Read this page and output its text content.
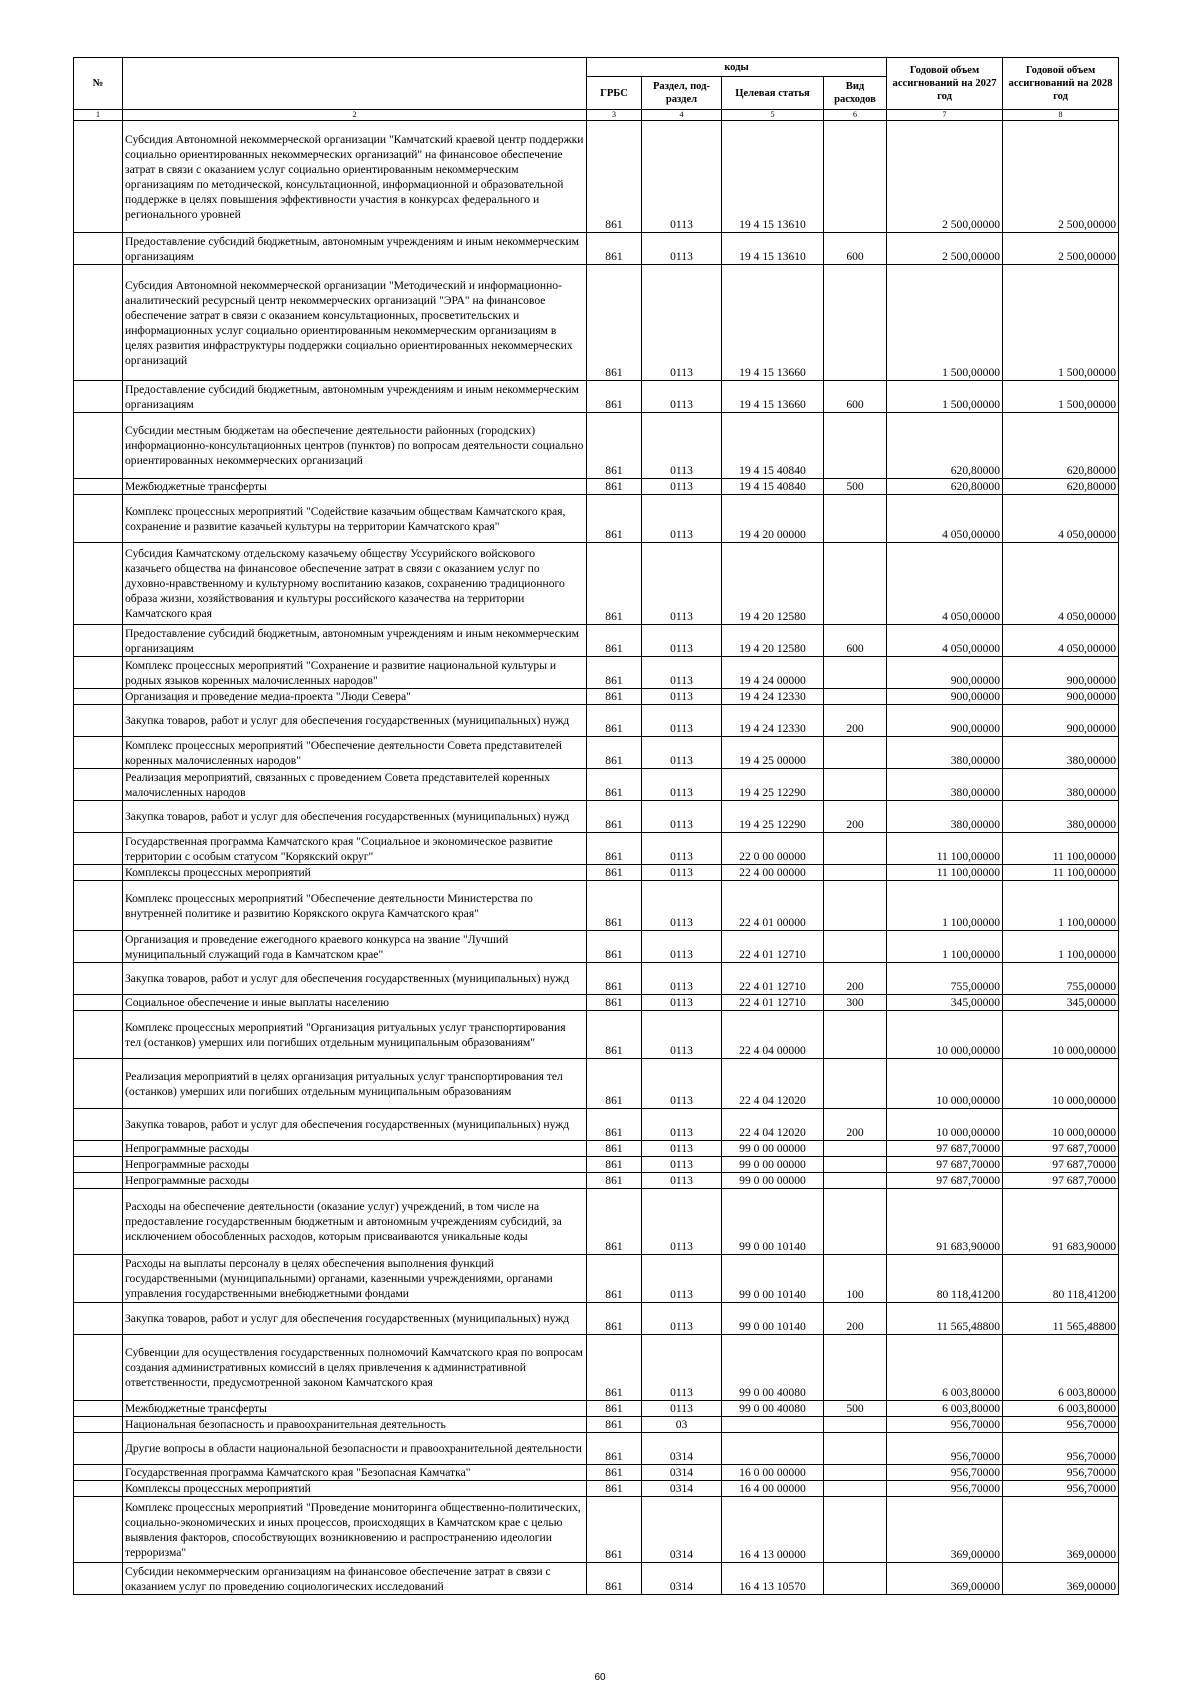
№		коды				Годовой объем ассигнований на 2027 год	Годовой объем ассигнований на 2028 год
		ГРБС	Раздел, под- раздел	Целевая статья	Вид расходов		
1	2	3	4	5	6	7	8
	Субсидия Автономной некоммерческой организации "Камчатский краевой центр поддержки социально ориентированных некоммерческих организаций" на финансовое обеспечение затрат в связи с оказанием услуг социально ориентированным некоммерческим организациям по методической, консультационной, информационной и образовательной поддержке в целях повышения эффективности участия в конкурсах федерального и регионального уровней	861	0113	19 4 15 13610		2 500,00000	2 500,00000
	Предоставление субсидий бюджетным, автономным учреждениям и иным некоммерческим организациям	861	0113	19 4 15 13610	600	2 500,00000	2 500,00000
	Субсидия Автономной некоммерческой организации "Методический и информационно-аналитический ресурсный центр некоммерческих организаций "ЭРА" на финансовое обеспечение затрат в связи с оказанием консультационных, просветительских и информационных услуг социально ориентированным некоммерческим организациям в целях развития инфраструктуры поддержки социально ориентированных некоммерческих организаций	861	0113	19 4 15 13660		1 500,00000	1 500,00000
	Предоставление субсидий бюджетным, автономным учреждениям и иным некоммерческим организациям	861	0113	19 4 15 13660	600	1 500,00000	1 500,00000
	Субсидии местным бюджетам на обеспечение деятельности районных (городских) информационно-консультационных центров (пунктов) по вопросам деятельности социально ориентированных некоммерческих организаций	861	0113	19 4 15 40840		620,80000	620,80000
	Межбюджетные трансферты	861	0113	19 4 15 40840	500	620,80000	620,80000
	Комплекс процессных мероприятий "Содействие казачьим обществам Камчатского края, сохранение и развитие казачьей культуры на территории Камчатского края"	861	0113	19 4 20 00000		4 050,00000	4 050,00000
	Субсидия Камчатскому отдельскому казачьему обществу Уссурийского войскового казачьего общества на финансовое обеспечение затрат в связи с оказанием услуг по духовно-нравственному и культурному воспитанию казаков, сохранению традиционного образа жизни, хозяйствования и культуры российского казачества на территории Камчатского края	861	0113	19 4 20 12580		4 050,00000	4 050,00000
	Предоставление субсидий бюджетным, автономным учреждениям и иным некоммерческим организациям	861	0113	19 4 20 12580	600	4 050,00000	4 050,00000
	Комплекс процессных мероприятий "Сохранение и развитие национальной культуры и родных языков коренных малочисленных народов"	861	0113	19 4 24 00000		900,00000	900,00000
	Организация и проведение медиа-проекта "Люди Севера"	861	0113	19 4 24 12330		900,00000	900,00000
	Закупка товаров, работ и услуг для обеспечения государственных (муниципальных) нужд	861	0113	19 4 24 12330	200	900,00000	900,00000
	Комплекс процессных мероприятий "Обеспечение деятельности Совета представителей коренных малочисленных народов"	861	0113	19 4 25 00000		380,00000	380,00000
	Реализация мероприятий, связанных с проведением Совета представителей коренных малочисленных народов	861	0113	19 4 25 12290		380,00000	380,00000
	Закупка товаров, работ и услуг для обеспечения государственных (муниципальных) нужд	861	0113	19 4 25 12290	200	380,00000	380,00000
	Государственная программа Камчатского края "Социальное и экономическое развитие территории с особым статусом "Корякский округ"	861	0113	22 0 00 00000		11 100,00000	11 100,00000
	Комплексы процессных мероприятий	861	0113	22 4 00 00000		11 100,00000	11 100,00000
	Комплекс процессных мероприятий "Обеспечение деятельности Министерства по внутренней политике и развитию Корякского округа Камчатского края"	861	0113	22 4 01 00000		1 100,00000	1 100,00000
	Организация и проведение ежегодного краевого конкурса на звание "Лучший муниципальный служащий года в Камчатском крае"	861	0113	22 4 01 12710		1 100,00000	1 100,00000
	Закупка товаров, работ и услуг для обеспечения государственных (муниципальных) нужд	861	0113	22 4 01 12710	200	755,00000	755,00000
	Социальное обеспечение и иные выплаты населению	861	0113	22 4 01 12710	300	345,00000	345,00000
	Комплекс процессных мероприятий "Организация ритуальных услуг транспортирования тел (останков) умерших или погибших отдельным муниципальным образованиям"	861	0113	22 4 04 00000		10 000,00000	10 000,00000
	Реализация мероприятий в целях организация ритуальных услуг транспортирования тел (останков) умерших или погибших отдельным муниципальным образованиям	861	0113	22 4 04 12020		10 000,00000	10 000,00000
	Закупка товаров, работ и услуг для обеспечения государственных (муниципальных) нужд	861	0113	22 4 04 12020	200	10 000,00000	10 000,00000
	Непрограммные расходы	861	0113	99 0 00 00000		97 687,70000	97 687,70000
	Непрограммные расходы	861	0113	99 0 00 00000		97 687,70000	97 687,70000
	Непрограммные расходы	861	0113	99 0 00 00000		97 687,70000	97 687,70000
	Расходы на обеспечение деятельности (оказание услуг) учреждений, в том числе на предоставление государственным бюджетным и автономным учреждениям субсидий, за исключением обособленных расходов, которым присваиваются уникальные коды	861	0113	99 0 00 10140		91 683,90000	91 683,90000
	Расходы на выплаты персоналу в целях обеспечения выполнения функций государственными (муниципальными) органами, казенными учреждениями, органами управления государственными внебюджетными фондами	861	0113	99 0 00 10140	100	80 118,41200	80 118,41200
	Закупка товаров, работ и услуг для обеспечения государственных (муниципальных) нужд	861	0113	99 0 00 10140	200	11 565,48800	11 565,48800
	Субвенции для осуществления государственных полномочий Камчатского края по вопросам создания административных комиссий в целях привлечения к административной ответственности, предусмотренной законом Камчатского края	861	0113	99 0 00 40080		6 003,80000	6 003,80000
	Межбюджетные трансферты	861	0113	99 0 00 40080	500	6 003,80000	6 003,80000
	Национальная безопасность и правоохранительная деятельность	861	03			956,70000	956,70000
	Другие вопросы в области национальной безопасности и правоохранительной деятельности	861	0314			956,70000	956,70000
	Государственная программа Камчатского края "Безопасная Камчатка"	861	0314	16 0 00 00000		956,70000	956,70000
	Комплексы процессных мероприятий	861	0314	16 4 00 00000		956,70000	956,70000
	Комплекс процессных мероприятий "Проведение мониторинга общественно-политических, социально-экономических и иных процессов, происходящих в Камчатском крае с целью выявления факторов, способствующих возникновению и распространению идеологии терроризма"	861	0314	16 4 13 00000		369,00000	369,00000
	Субсидии некоммерческим организациям на финансовое обеспечение затрат в связи с оказанием услуг по проведению социологических исследований	861	0314	16 4 13 10570		369,00000	369,00000
60
